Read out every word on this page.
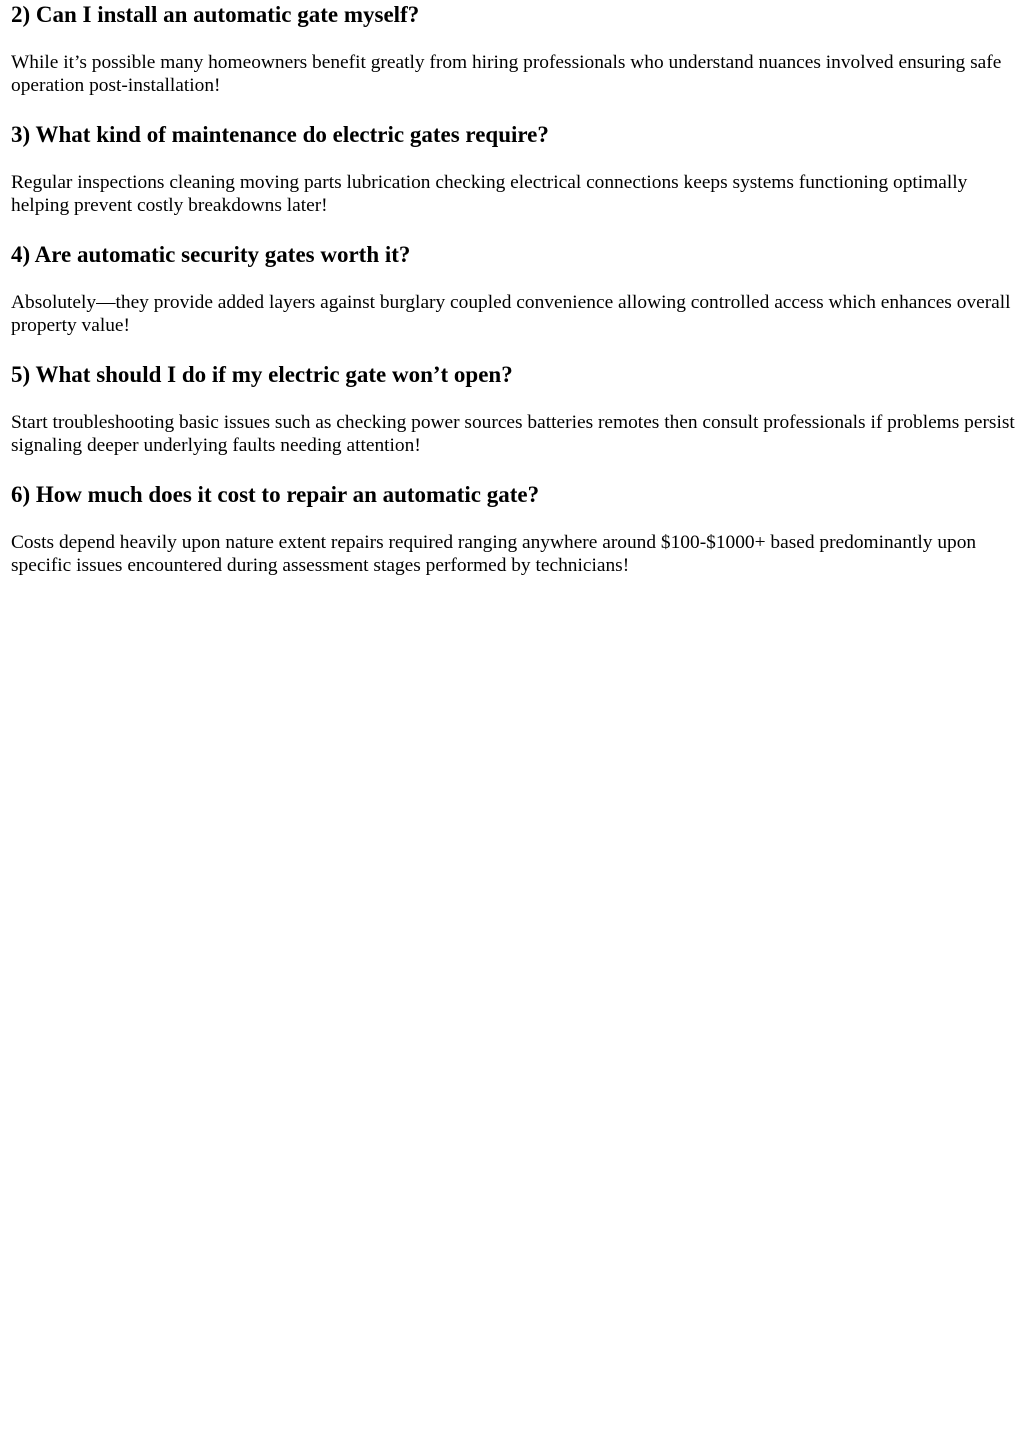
2) Can I install an automatic gate myself?

While it’s possible many homeowners benefit greatly from hiring professionals who understand nuances involved ensuring safe operation post-installation!

3) What kind of maintenance do electric gates require?

Regular inspections cleaning moving parts lubrication checking electrical connections keeps systems functioning optimally helping prevent costly breakdowns later!

4) Are automatic security gates worth it?

Absolutely—they provide added layers against burglary coupled convenience allowing controlled access which enhances overall property value!

5) What should I do if my electric gate won’t open?

Start troubleshooting basic issues such as checking power sources batteries remotes then consult professionals if problems persist signaling deeper underlying faults needing attention!

6) How much does it cost to repair an automatic gate?

Costs depend heavily upon nature extent repairs required ranging anywhere around $100-$1000+ based predominantly upon specific issues encountered during assessment stages performed by technicians!
